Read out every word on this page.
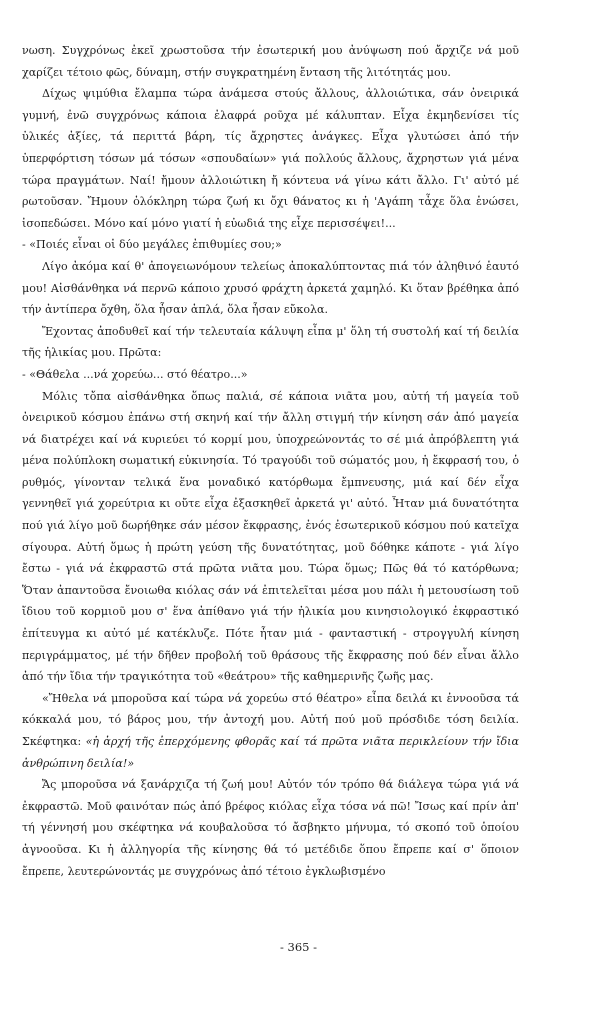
νωση. Συγχρόνως ἐκεῖ χρωστοῦσα τήν ἐσωτερική μου ἀνύψωση πού ἄρχιζε νά μοῦ χαρίζει τέτοιο φῶς, δύναμη, στήν συγκρατημένη ἔνταση τῆς λιτότητάς μου.

Δίχως ψιμύθια ἔλαμπα τώρα ἀνάμεσα στούς ἄλλους, ἀλλοιώτικα, σάν ὀνειρικά γυμνή, ἐνῶ συγχρόνως κάποια ἐλαφρά ροῦχα μέ κάλυπταν. Εἶχα ἐκμηδενίσει τίς ὑλικές ἀξίες, τά περιττά βάρη, τίς ἄχρηστες ἀνάγκες. Εἶχα γλυτώσει ἀπό τήν ὑπερφόρτιση τόσων μά τόσων «σπουδαίων» γιά πολλούς ἄλλους, ἄχρηστων γιά μένα τώρα πραγμάτων. Ναί! ἤμουν ἀλλοιώτικη ἤ κόντευα νά γίνω κάτι ἄλλο. Γι' αὐτό μέ ρωτοῦσαν. Ἤμουν ὁλόκληρη τώρα ζωή κι ὄχι θάνατος κι ἡ 'Αγάπη τἆχε ὅλα ἑνώσει, ἰσοπεδώσει. Μόνο καί μόνο γιατί ἡ εὐωδιά της εἶχε περισσέψει!...

- «Ποιές εἶναι οἱ δύο μεγάλες ἐπιθυμίες σου;»

Λίγο ἀκόμα καί θ' ἀπογειωνόμουν τελείως ἀποκαλύπτοντας πιά τόν ἀληθινό ἑαυτό μου! Αἰσθάνθηκα νά περνῶ κάποιο χρυσό φράχτη ἀρκετά χαμηλό. Κι ὅταν βρέθηκα ἀπό τήν ἀντίπερα ὄχθη, ὅλα ἦσαν ἁπλά, ὅλα ἦσαν εὔκολα.

Ἔχοντας ἀποδυθεῖ καί τήν τελευταία κάλυψη εἶπα μ' ὅλη τή συστολή καί τή δειλία τῆς ἡλικίας μου. Πρῶτα:

- «Θάθελα ...νά χορεύω... στό θέατρο...»

Μόλις τὄπα αἰσθάνθηκα ὅπως παλιά, σέ κάποια νιᾶτα μου, αὐτή τή μαγεία τοῦ ὀνειρικοῦ κόσμου ἐπάνω στή σκηνή καί τήν ἄλλη στιγμή τήν κίνηση σάν ἀπό μαγεία νά διατρέχει καί νά κυριεύει τό κορμί μου, ὑποχρεώνοντάς το σέ μιά ἀπρόβλεπτη γιά μένα πολύπλοκη σωματική εὐκινησία. Τό τραγούδι τοῦ σώματός μου, ἡ ἔκφρασή του, ὁ ρυθμός, γίνονταν τελικά ἕνα μοναδικό κατόρθωμα ἔμπνευσης, μιά καί δέν εἶχα γεννηθεῖ γιά χορεύτρια κι οὔτε εἶχα ἐξασκηθεῖ ἀρκετά γι' αὐτό. Ἦταν μιά δυνατότητα πού γιά λίγο μοῦ δωρήθηκε σάν μέσον ἔκφρασης, ἑνός ἐσωτερικοῦ κόσμου πού κατεῖχα σίγουρα. Αὐτή ὅμως ἡ πρώτη γεύση τῆς δυνατότητας, μοῦ δόθηκε κάποτε - γιά λίγο ἔστω - γιά νά ἐκφραστῶ στά πρῶτα νιᾶτα μου. Τώρα ὅμως; Πῶς θά τό κατόρθωνα; Ὅταν ἀπαντοῦσα ἔνοιωθα κιόλας σάν νά ἐπιτελεῖται μέσα μου πάλι ἡ μετουσίωση τοῦ ἴδιου τοῦ κορμιοῦ μου σ' ἕνα ἀπίθανο γιά τήν ἡλικία μου κινησιολογικό ἐκφραστικό ἐπίτευγμα κι αὐτό μέ κατέκλυζε. Πότε ἦταν μιά - φανταστική - στρογγυλή κίνηση περιγράμματος, μέ τήν δῆθεν προβολή τοῦ θράσους τῆς ἔκφρασης πού δέν εἶναι ἄλλο ἀπό τήν ἴδια τήν τραγικότητα τοῦ «θεάτρου» τῆς καθημερινῆς ζωῆς μας.

«Ἤθελα νά μποροῦσα καί τώρα νά χορεύω στό θέατρο» εἶπα δειλά κι ἐννοοῦσα τά κόκκαλά μου, τό βάρος μου, τήν ἀντοχή μου. Αὐτή πού μοῦ πρόσδιδε τόση δειλία. Σκέφτηκα: «ἡ ἀρχή τῆς ἐπερχόμενης φθορᾶς καί τά πρῶτα νιᾶτα περικλείουν τήν ἴδια ἀνθρώπινη δειλία!»

Ἄς μποροῦσα νά ξανάρχιζα τή ζωή μου! Αὐτόν τόν τρόπο θά διάλεγα τώρα γιά νά ἐκφραστῶ. Μοῦ φαινόταν πώς ἀπό βρέφος κιόλας εἶχα τόσα νά πῶ! Ἴσως καί πρίν ἀπ' τή γέννησή μου σκέφτηκα νά κουβαλοῦσα τό ἄσβηκτο μήνυμα, τό σκοπό τοῦ ὁποίου ἀγνοοῦσα. Κι ἡ ἀλληγορία τῆς κίνησης θά τό μετέδιδε ὅπου ἔπρεπε καί σ' ὅποιον ἔπρεπε, λευτερώνοντάς με συγχρόνως ἀπό τέτοιο ἐγκλωβισμένο

- 365 -
